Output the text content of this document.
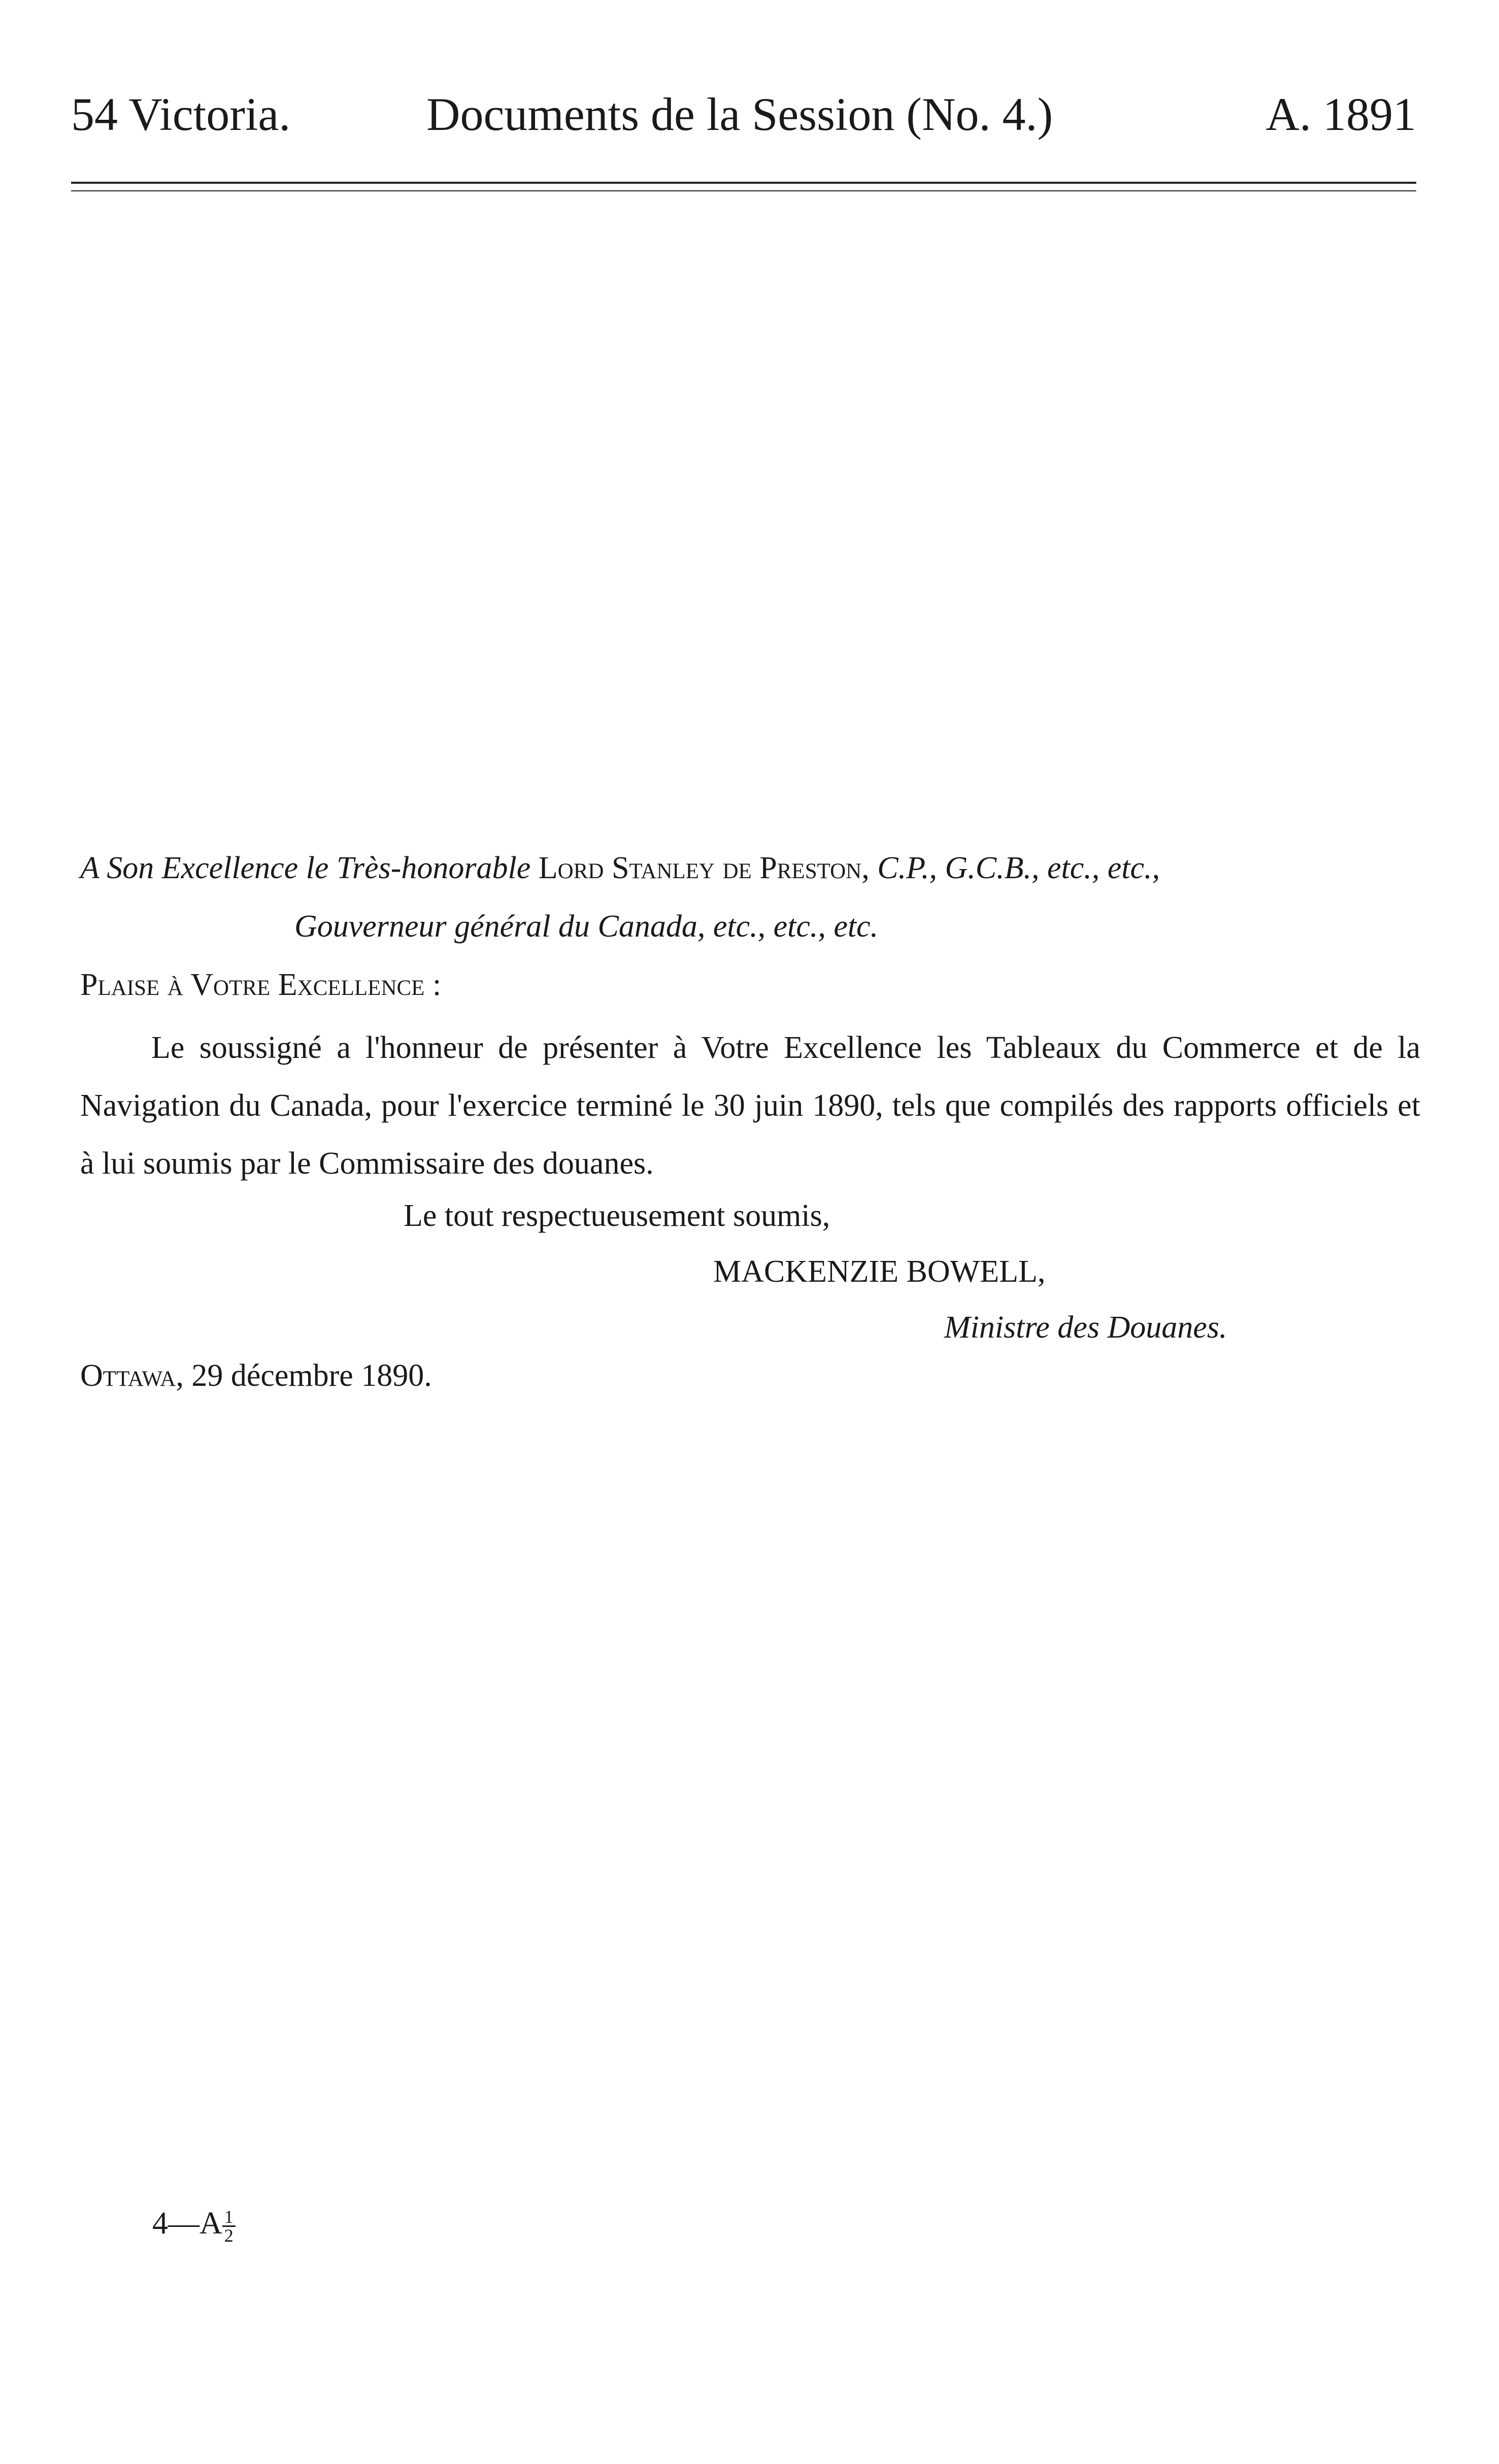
54 Victoria.	Documents de la Session (No. 4.)	A. 1891
A Son Excellence le Très-honorable Lord Stanley de Preston, C.P., G.C.B., etc., etc.,
Gouverneur général du Canada, etc., etc., etc.
Plaise à Votre Excellence :
Le soussigné a l'honneur de présenter à Votre Excellence les Tableaux du Commerce et de la Navigation du Canada, pour l'exercice terminé le 30 juin 1890, tels que compilés des rapports officiels et à lui soumis par le Commissaire des douanes.
Le tout respectueusement soumis,
MACKENZIE BOWELL,
Ministre des Douanes.
Ottawa, 29 décembre 1890.
4—A $\frac{1}{2}$
